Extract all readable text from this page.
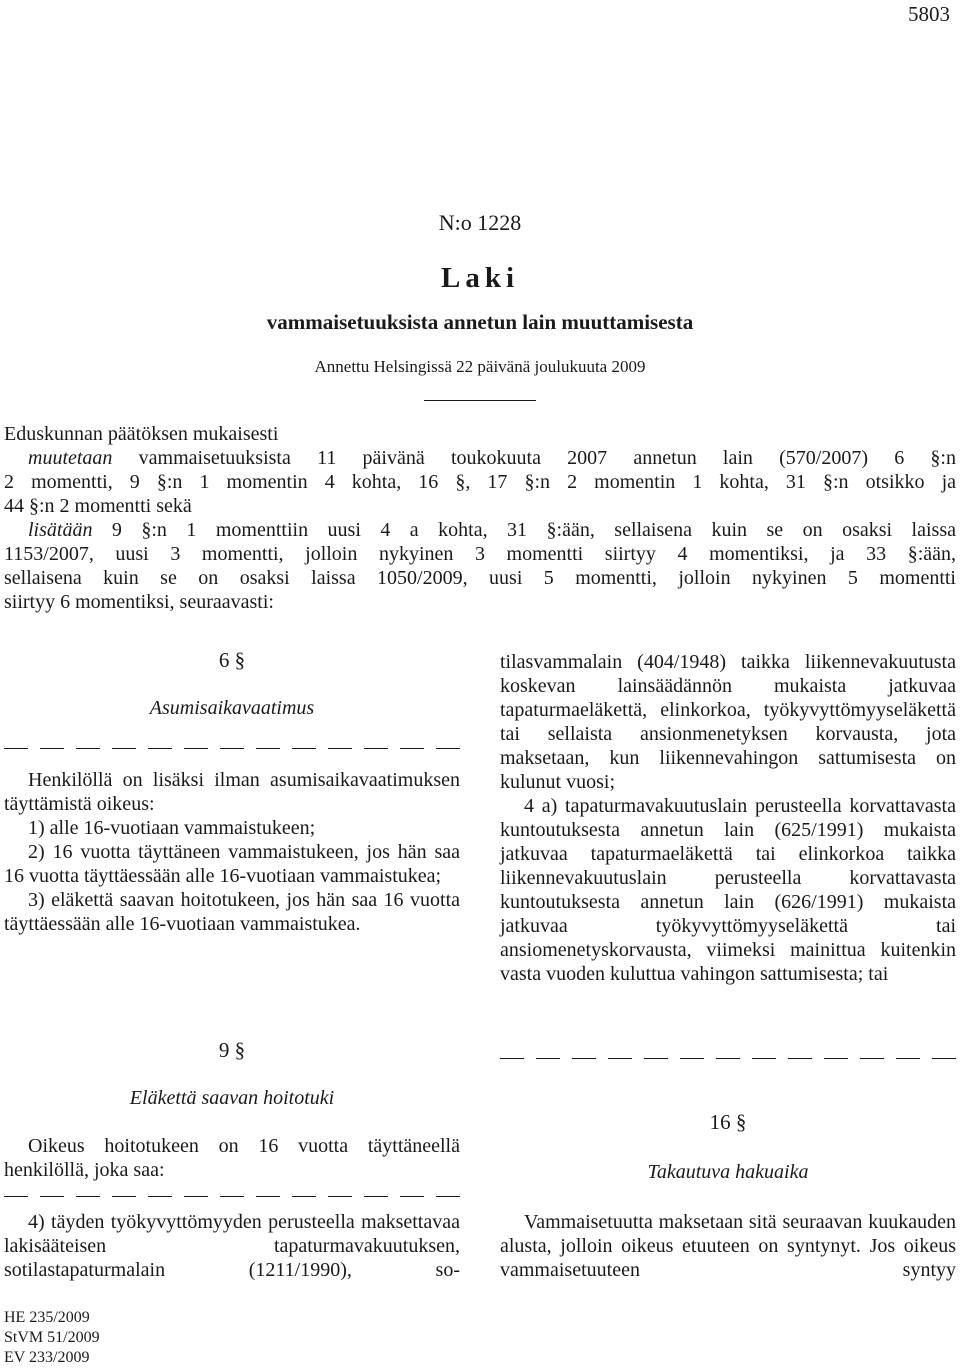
5803
N:o 1228
Laki
vammaisetuuksista annetun lain muuttamisesta
Annettu Helsingissä 22 päivänä joulukuuta 2009

Eduskunnan päätöksen mukaisesti

muutetaan vammaisetuuksista 11 päivänä toukokuuta 2007 annetun lain (570/2007) 6 §:n

2 momentti, 9 §:n 1 momentin 4 kohta, 16 §, 17 §:n 2 momentin 1 kohta, 31 §:n otsikko ja

44 §:n 2 momentti sekä

lisätään 9 §:n 1 momenttiin uusi 4 a kohta, 31 §:ään, sellaisena kuin se on osaksi laissa

1153/2007, uusi 3 momentti, jolloin nykyinen 3 momentti siirtyy 4 momentiksi, ja 33 §:ään,

sellaisena kuin se on osaksi laissa 1050/2009, uusi 5 momentti, jolloin nykyinen 5 momentti

siirtyy 6 momentiksi, seuraavasti:

6 §
Asumisaikavaatimus

Henkilöllä on lisäksi ilman asumisaikavaatimuksen täyttämistä oikeus:

1) alle 16-vuotiaan vammaistukeen;

2) 16 vuotta täyttäneen vammaistukeen, jos hän saa 16 vuotta täyttäessään alle 16-vuotiaan vammaistukea;

3) eläkettä saavan hoitotukeen, jos hän saa 16 vuotta täyttäessään alle 16-vuotiaan vammaistukea.

9 §
Eläkettä saavan hoitotuki

Oikeus hoitotukeen on 16 vuotta täyttäneellä henkilöllä, joka saa:

4) täyden työkyvyttömyyden perusteella maksettavaa lakisääteisen tapaturmavakuutuksen, sotilastapaturmalain (1211/1990), so-

tilasvammalain (404/1948) taikka liikennevakuutusta koskevan lainsäädännön mukaista jatkuvaa tapaturmaeläkettä, elinkorkoa, työkyvyttömyyseläkettä tai sellaista ansionmenetyksen korvausta, jota maksetaan, kun liikennevahingon sattumisesta on kulunut vuosi;

4 a) tapaturmavakuutuslain perusteella korvattavasta kuntoutuksesta annetun lain (625/1991) mukaista jatkuvaa tapaturmaeläkettä tai elinkorkoa taikka liikennevakuutuslain perusteella korvattavasta kuntoutuksesta annetun lain (626/1991) mukaista jatkuvaa työkyvyttömyyseläkettä tai ansiomenetyskorvausta, viimeksi mainittua kuitenkin vasta vuoden kuluttua vahingon sattumisesta; tai

16 §
Takautuva hakuaika

Vammaisetuutta maksetaan sitä seuraavan kuukauden alusta, jolloin oikeus etuuteen on syntynyt. Jos oikeus vammaisetuuteen syntyy

HE 235/2009
StVM 51/2009
EV 233/2009
